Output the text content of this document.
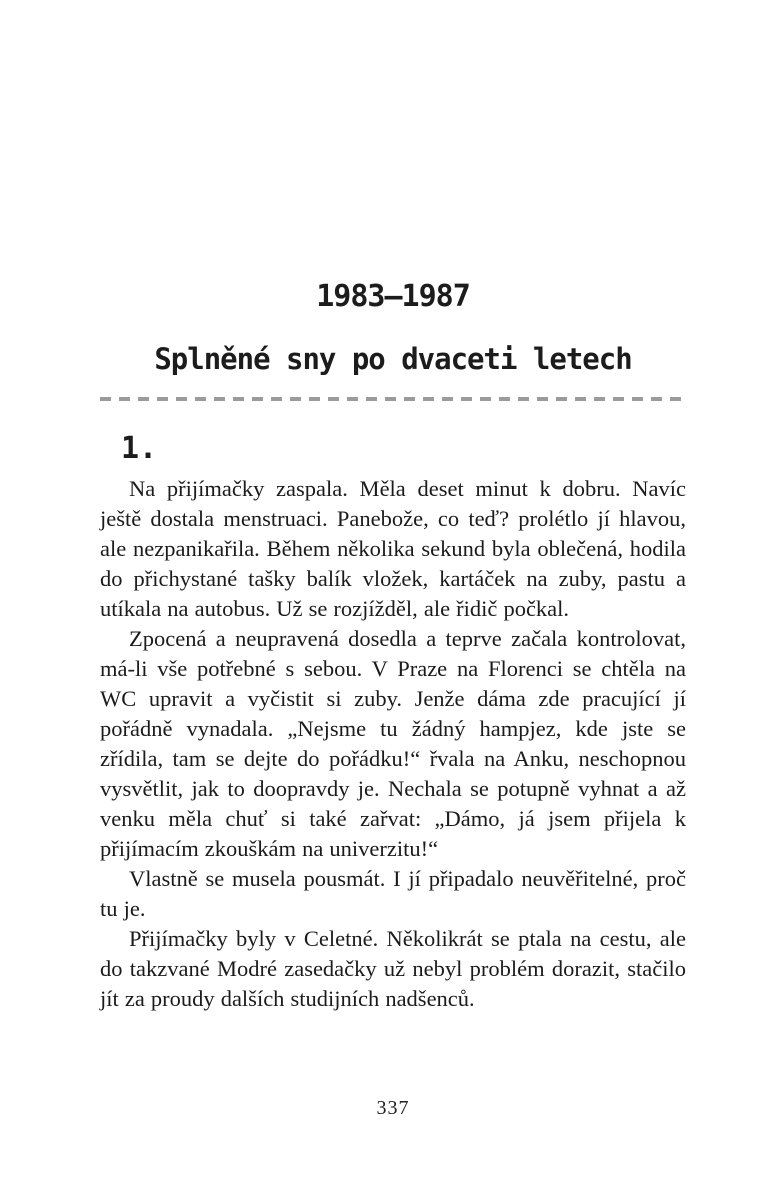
1983–1987
Splněné sny po dvaceti letech
1.

Na přijímačky zaspala. Měla deset minut k dobru. Navíc ještě dostala menstruaci. Panebože, co teď? prolétlo jí hlavou, ale nezpanikařila. Během několika sekund byla oblečená, hodila do přichystané tašky balík vložek, kartáček na zuby, pastu a utíkala na autobus. Už se rozjížděl, ale řidič počkal.

Zpocená a neupravená dosedla a teprve začala kontrolovat, má-li vše potřebné s sebou. V Praze na Florenci se chtěla na WC upravit a vyčistit si zuby. Jenže dáma zde pracující jí pořádně vynadala. „Nejsme tu žádný hampjez, kde jste se zřídila, tam se dejte do pořádku!“ řvala na Anku, neschopnou vysvětlit, jak to doopravdy je. Nechala se potupně vyhnat a až venku měla chuť si také zařvat: „Dámo, já jsem přijela k přijímacím zkouškám na univerzitu!“

Vlastně se musela pousmát. I jí připadalo neuvěřitelné, proč tu je.

Přijímačky byly v Celetné. Několikrát se ptala na cestu, ale do takzvané Modré zasedačky už nebyl problém dorazit, stačilo jít za proudy dalších studijních nadšenců.

337
